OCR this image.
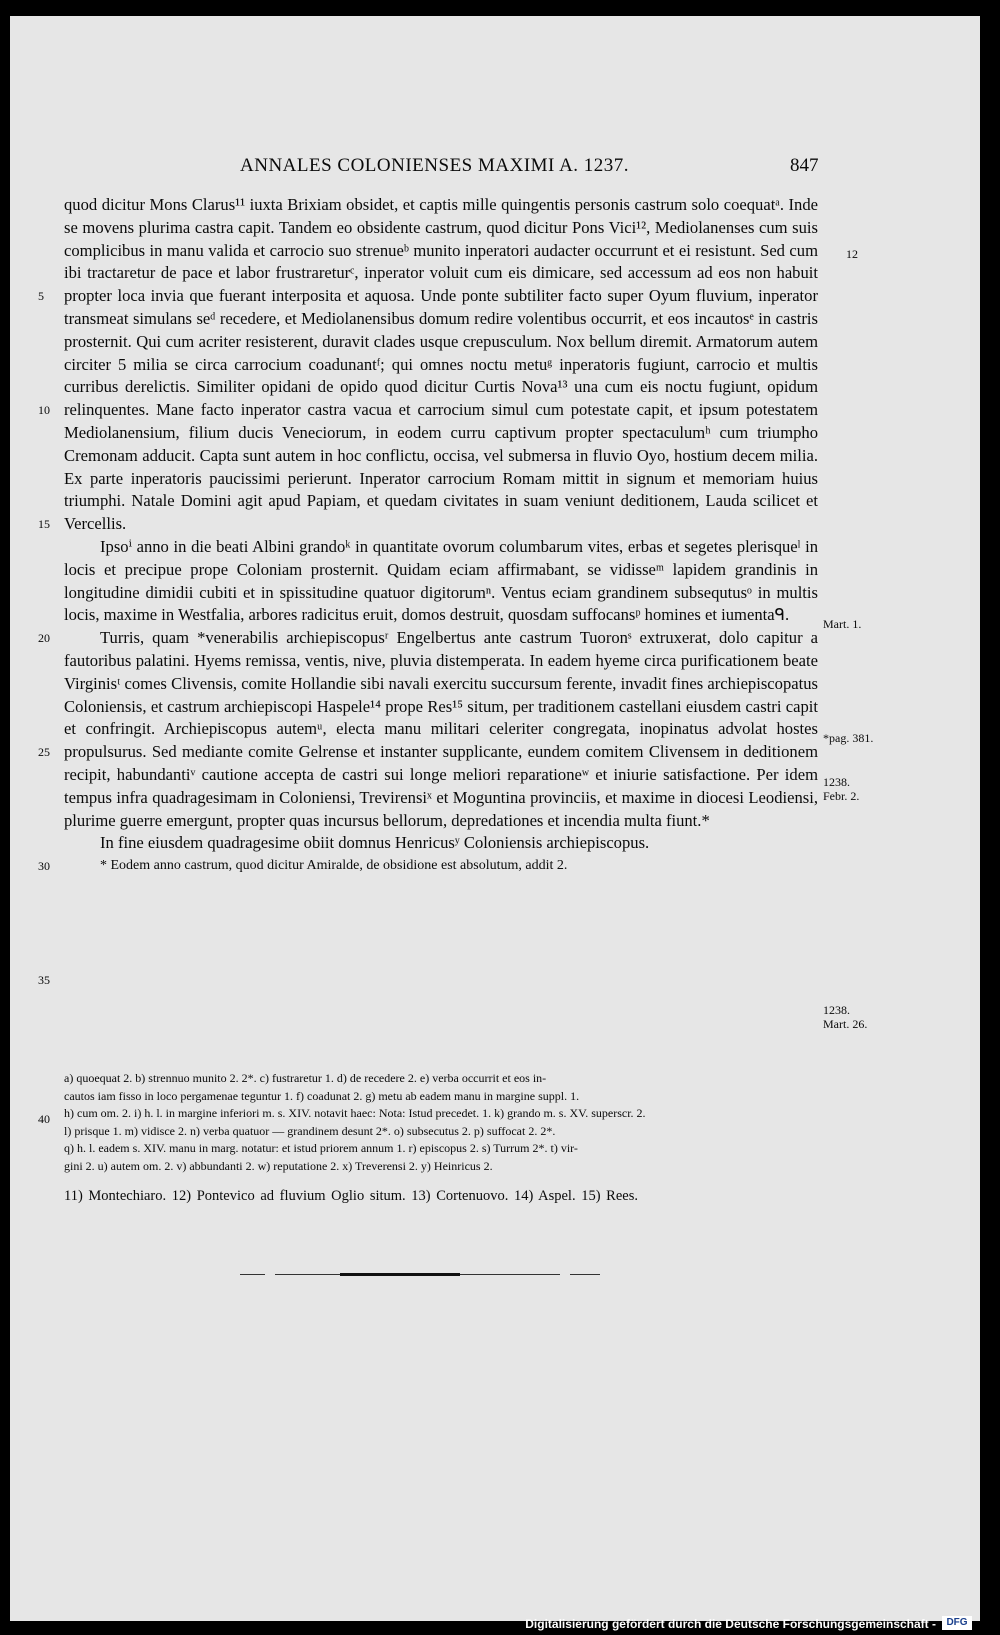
ANNALES COLONIENSES MAXIMI A. 1237.	847

quod dicitur Mons Clarus¹¹ iuxta Brixiam obsidet, et captis mille quingentis personis castrum solo coequatᵃ. Inde se movens plurima castra capit. Tandem eo obsidente castrum, quod dicitur Pons Vici¹², Mediolanenses cum suis complicibus in manu valida et carrocio suo strenueᵇ munito inperatori audacter occurrunt et ei resistunt. Sed cum ibi tractaretur de pace et labor frustrareturᶜ, inperator voluit cum eis dimicare, sed accessum ad eos non habuit propter loca invia que fuerant interposita et aquosa. Unde ponte subtiliter facto super Oyum fluvium, inperator transmeat simulans seᵈ recedere, et Mediolanensibus domum redire volentibus occurrit, et eos incautosᵉ in castris prosternit. Qui cum acriter resisterent, duravit clades usque crepusculum. Nox bellum diremit. Armatorum autem circiter 5 milia se circa carrocium coadunantᶠ; qui omnes noctu metuᵍ inperatoris fugiunt, carrocio et multis curribus derelictis. Similiter opidani de opido quod dicitur Curtis Nova¹³ una cum eis noctu fugiunt, opidum relinquentes. Mane facto inperator castra vacua et carrocium simul cum potestate capit, et ipsum potestatem Mediolanensium, filium ducis Veneciorum, in eodem curru captivum propter spectaculumʰ cum triumpho Cremonam adducit. Capta sunt autem in hoc conflictu, occisa, vel submersa in fluvio Oyo, hostium decem milia. Ex parte inperatoris paucissimi perierunt. Inperator carrocium Romam mittit in signum et memoriam huius triumphi. Natale Domini agit apud Papiam, et quedam civitates in suam veniunt deditionem, Lauda scilicet et Vercellis.

Ipsoⁱ anno in die beati Albini grandoᵏ in quantitate ovorum columbarum vites, erbas et segetes plerisqueˡ in locis et precipue prope Coloniam prosternit. Quidam eciam affirmabant, se vidisseᵐ lapidem grandinis in longitudine dimidii cubiti et in spissitudine quatuor digitorumⁿ. Ventus eciam grandinem subsequtusᵒ in multis locis, maxime in Westfalia, arbores radicitus eruit, domos destruit, quosdam suffocansᵖ homines et iumentaᑫ.

Turris, quam *venerabilis archiepiscopusʳ Engelbertus ante castrum Tuoronˢ extruxerat, dolo capitur a fautoribus palatini. Hyems remissa, ventis, nive, pluvia distemperata. In eadem hyeme circa purificationem beate Virginisᵗ comes Clivensis, comite Hollandie sibi navali exercitu succursum ferente, invadit fines archiepiscopatus Coloniensis, et castrum archiepiscopi Haspele¹⁴ prope Res¹⁵ situm, per traditionem castellani eiusdem castri capit et confringit. Archiepiscopus autemᵘ, electa manu militari celeriter congregata, inopinatus advolat hostes propulsurus. Sed mediante comite Gelrense et instanter supplicante, eundem comitem Clivensem in deditionem recipit, habundantiᵛ cautione accepta de castri sui longe meliori reparationeʷ et iniurie satisfactione. Per idem tempus infra quadragesimam in Coloniensi, Trevirensiˣ et Moguntina provinciis, et maxime in diocesi Leodiensi, plurime guerre emergunt, propter quas incursus bellorum, depredationes et incendia multa fiunt.*

In fine eiusdem quadragesime obiit domnus Henricusʸ Coloniensis archiepiscopus.

* Eodem anno castrum, quod dicitur Amiralde, de obsidione est absolutum, addit 2.

5
10
15
20
25
30
35
40
12
Mart. 1.
*pag. 381.
1238.
Febr. 2.
1238.
Mart. 26.
a) quoequat 2. b) strennuo munito 2. 2*. c) fustraretur 1. d) de recedere 2. e) verba occurrit et eos in-
cautos iam fisso in loco pergamenae teguntur 1. f) coadunat 2. g) metu ab eadem manu in margine suppl. 1.
h) cum om. 2. i) h. l. in margine inferiori m. s. XIV. notavit haec: Nota: Istud precedet. 1. k) grando m. s. XV. superscr. 2.
l) prisque 1. m) vidisce 2. n) verba quatuor — grandinem desunt 2*. o) subsecutus 2. p) suffocat 2. 2*.
q) h. l. eadem s. XIV. manu in marg. notatur: et istud priorem annum 1. r) episcopus 2. s) Turrum 2*. t) vir-
gini 2. u) autem om. 2. v) abbundanti 2. w) reputatione 2. x) Treverensi 2. y) Heinricus 2.
11) Montechiaro. 12) Pontevico ad fluvium Oglio situm. 13) Cortenuovo. 14) Aspel. 15) Rees.
Digitalisierung gefördert durch die Deutsche Forschungsgemeinschaft -	DFG
